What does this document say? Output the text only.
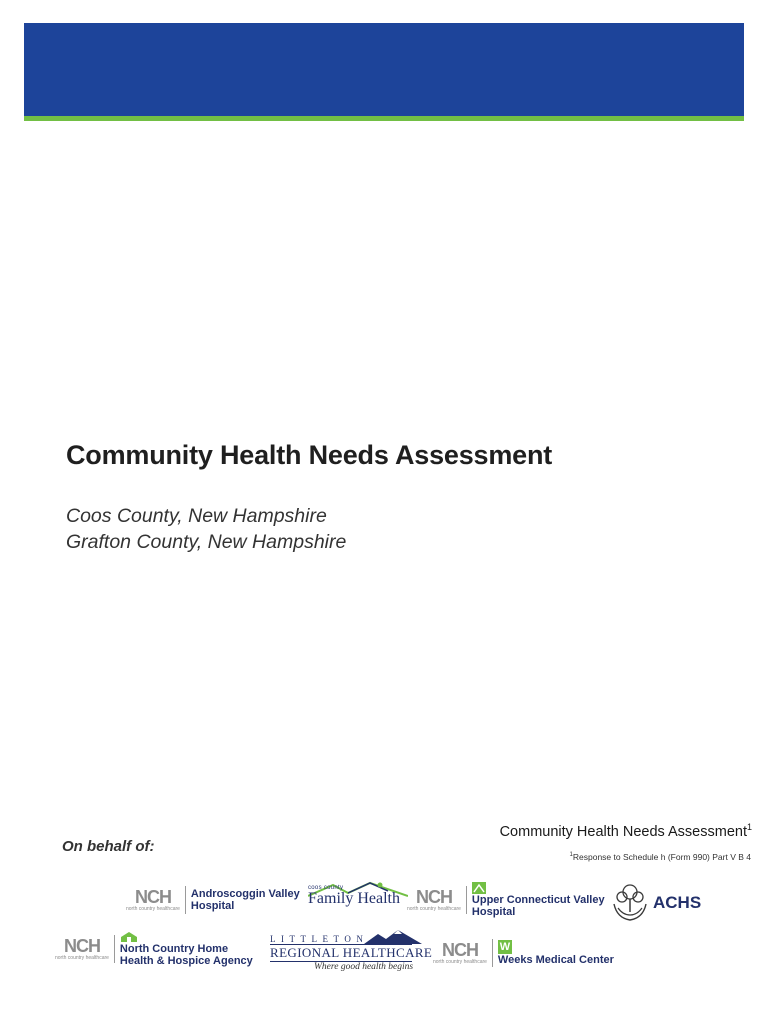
Community Health Needs Assessment

Coos County, New Hampshire

Grafton County, New Hampshire

Community Health Needs Assessment$^1$
$^1$Response to Schedule h (Form 990) Part V B 4
On behalf of:
NCH
north country healthcare
Androscoggin Valley
Hospital
coos county
Family Health NCH
north country healthcare
Upper Connecticut Valley
Hospital	ACHS
NCH
north country healthcare
North Country Home
Health & Hospice Agency
LITTLETON
REGIONAL HEALTHCARE
Where good health begins
NCH
north country healthcare
W
Weeks Medical Center
